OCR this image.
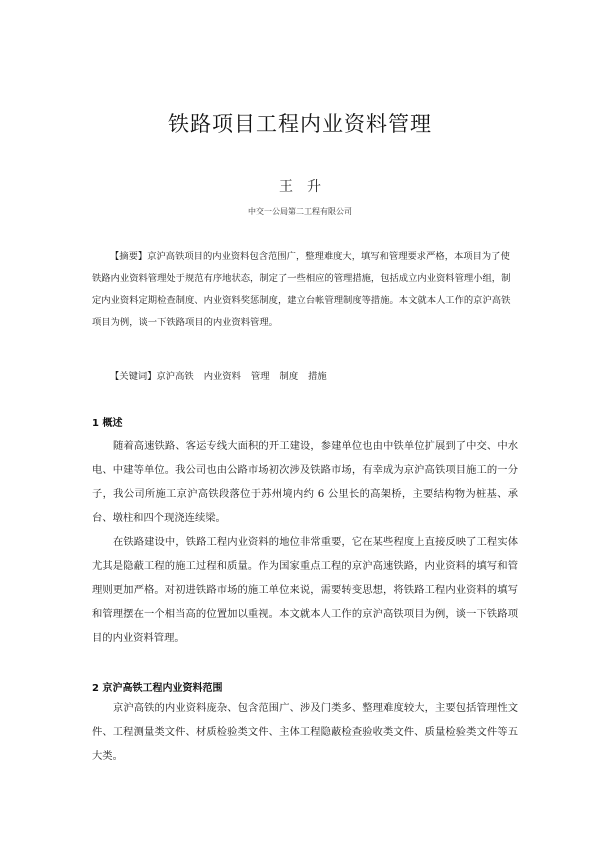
铁路项目工程内业资料管理
王升
中交一公局第二工程有限公司

【摘要】京沪高铁项目的内业资料包含范围广，整理难度大，填写和管理要求严格，本项目为了使铁路内业资料管理处于规范有序地状态，制定了一些相应的管理措施，包括成立内业资料管理小组，制定内业资料定期检查制度、内业资料奖惩制度，建立台帐管理制度等措施。本文就本人工作的京沪高铁项目为例，谈一下铁路项目的内业资料管理。

【关键词】京沪高铁 内业资料 管理 制度 措施

1 概述

随着高速铁路、客运专线大面积的开工建设，参建单位也由中铁单位扩展到了中交、中水电、中建等单位。我公司也由公路市场初次涉及铁路市场，有幸成为京沪高铁项目施工的一分子，我公司所施工京沪高铁段落位于苏州境内约 6 公里长的高架桥，主要结构物为桩基、承台、墩柱和四个现浇连续梁。

在铁路建设中，铁路工程内业资料的地位非常重要，它在某些程度上直接反映了工程实体尤其是隐蔽工程的施工过程和质量。作为国家重点工程的京沪高速铁路，内业资料的填写和管理则更加严格。对初进铁路市场的施工单位来说，需要转变思想，将铁路工程内业资料的填写和管理摆在一个相当高的位置加以重视。本文就本人工作的京沪高铁项目为例，谈一下铁路项目的内业资料管理。

2 京沪高铁工程内业资料范围

京沪高铁的内业资料庞杂、包含范围广、涉及门类多、整理难度较大，主要包括管理性文件、工程测量类文件、材质检验类文件、主体工程隐蔽检查验收类文件、质量检验类文件等五大类。
